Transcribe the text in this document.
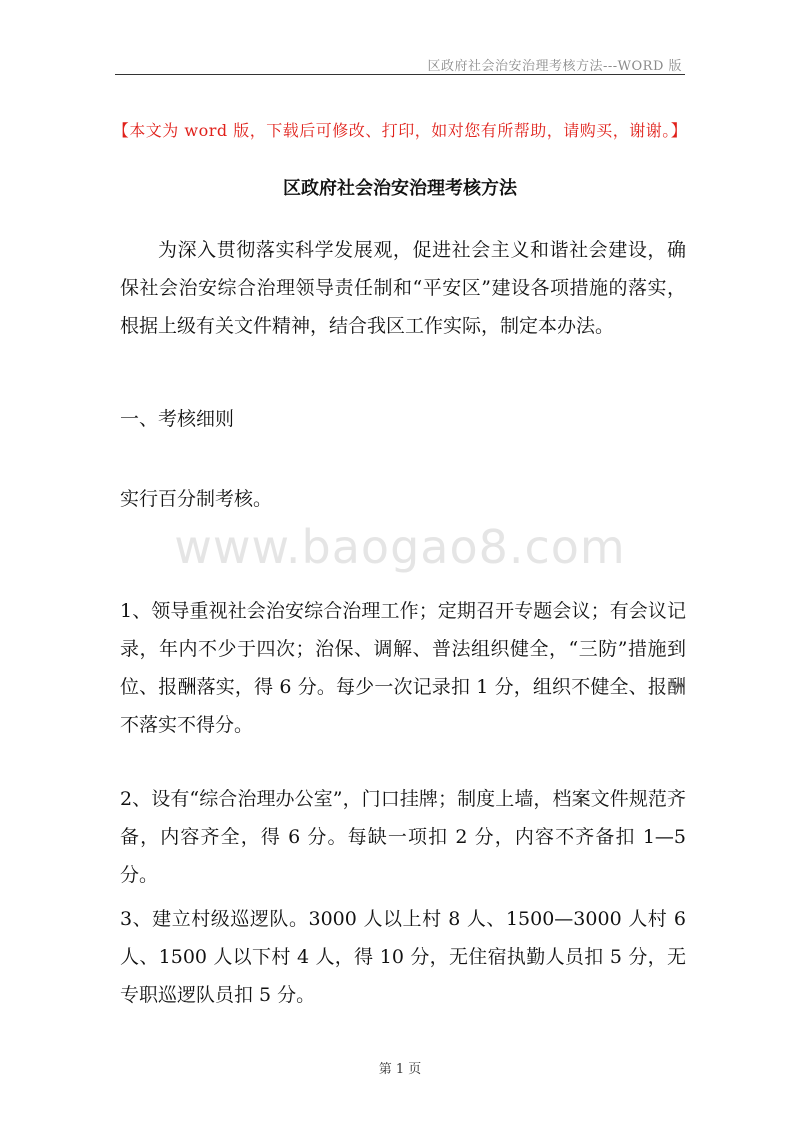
区政府社会治安治理考核方法---WORD 版
【本文为 word 版，下载后可修改、打印，如对您有所帮助，请购买，谢谢。】
区政府社会治安治理考核方法

为深入贯彻落实科学发展观，促进社会主义和谐社会建设，确保社会治安综合治理领导责任制和“平安区”建设各项措施的落实，根据上级有关文件精神，结合我区工作实际，制定本办法。

一、考核细则

实行百分制考核。

www.baogao8.com

1、领导重视社会治安综合治理工作；定期召开专题会议；有会议记录，年内不少于四次；治保、调解、普法组织健全，“三防”措施到位、报酬落实，得 6 分。每少一次记录扣 1 分，组织不健全、报酬不落实不得分。

2、设有“综合治理办公室”，门口挂牌；制度上墙，档案文件规范齐备，内容齐全，得 6 分。每缺一项扣 2 分，内容不齐备扣 1—5 分。

3、建立村级巡逻队。3000 人以上村 8 人、1500—3000 人村 6 人、1500 人以下村 4 人，得 10 分，无住宿执勤人员扣 5 分，无专职巡逻队员扣 5 分。

第 1 页
